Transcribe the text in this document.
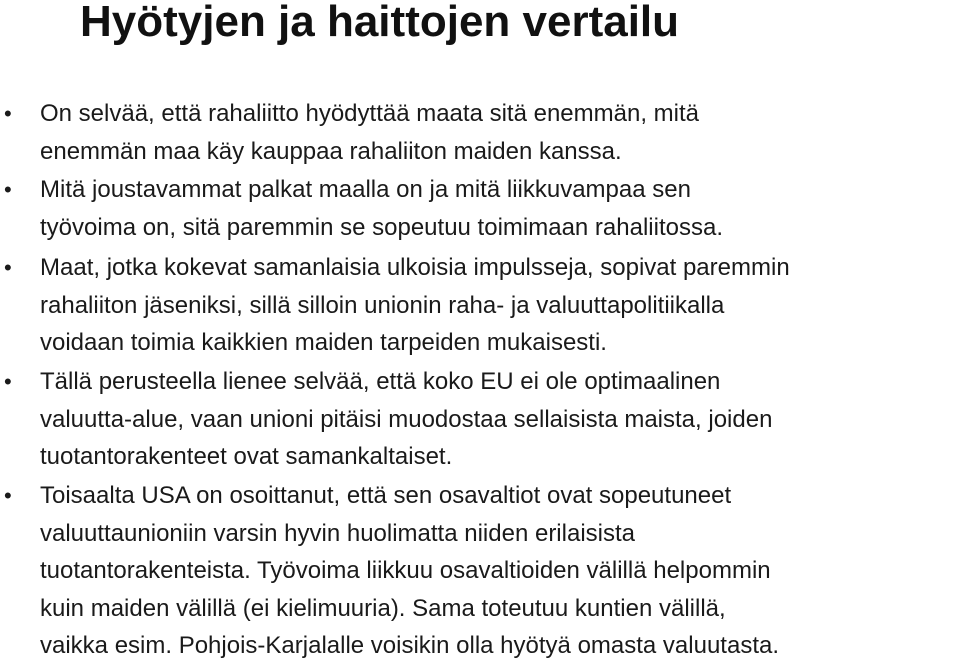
Hyötyjen ja haittojen vertailu
• On selvää, että rahaliitto hyödyttää maata sitä enemmän, mitä
enemmän maa käy kauppaa rahaliiton maiden kanssa.
• Mitä joustavammat palkat maalla on ja mitä liikkuvampaa sen
työvoima on, sitä paremmin se sopeutuu toimimaan rahaliitossa.
• Maat, jotka kokevat samanlaisia ulkoisia impulsseja, sopivat paremmin
rahaliiton jäseniksi, sillä silloin unionin raha- ja valuuttapolitiikalla
voidaan toimia kaikkien maiden tarpeiden mukaisesti.
• Tällä perusteella lienee selvää, että koko EU ei ole optimaalinen
valuutta-alue, vaan unioni pitäisi muodostaa sellaisista maista, joiden
tuotantorakenteet ovat samankaltaiset.
• Toisaalta USA on osoittanut, että sen osavaltiot ovat sopeutuneet
valuuttaunioniin varsin hyvin huolimatta niiden erilaisista
tuotantorakenteista. Työvoima liikkuu osavaltioiden välillä helpommin
kuin maiden välillä (ei kielimuuria). Sama toteutuu kuntien välillä,
vaikka esim. Pohjois-Karjalalle voisikin olla hyötyä omasta valuutasta.
